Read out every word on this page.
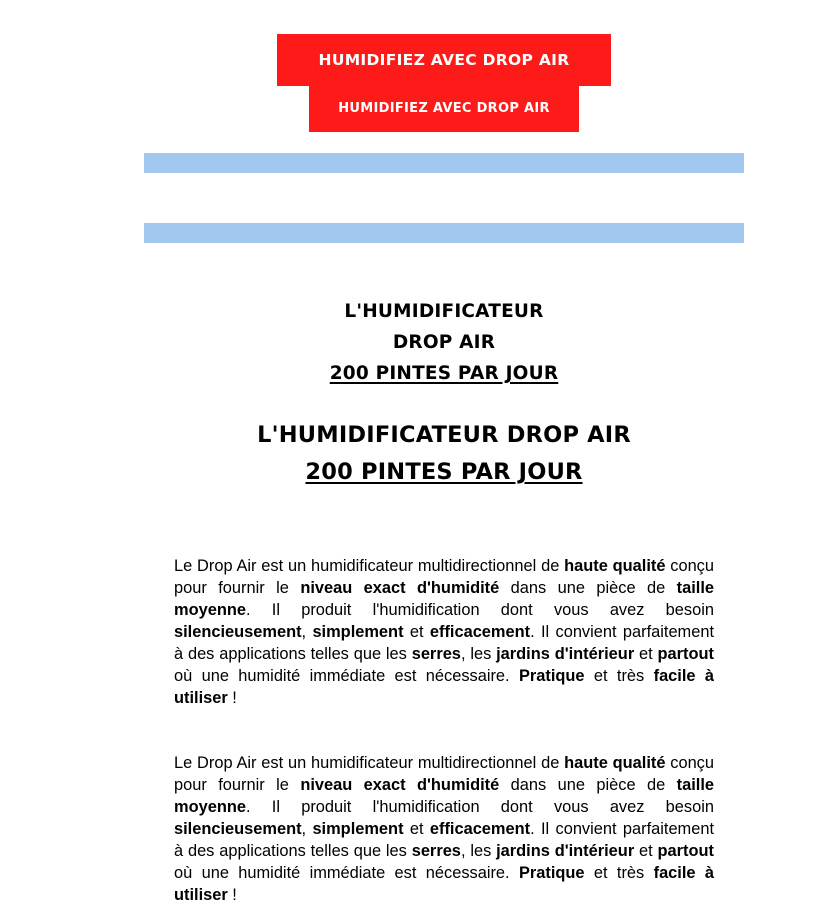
HUMIDIFIEZ AVEC DROP AIR
HUMIDIFIEZ AVEC DROP AIR
L'HUMIDIFICATEUR
DROP AIR
200 PINTES PAR JOUR
L'HUMIDIFICATEUR DROP AIR
200 PINTES PAR JOUR

Le Drop Air est un humidificateur multidirectionnel de haute qualité conçu pour fournir le niveau exact d'humidité dans une pièce de taille moyenne. Il produit l'humidification dont vous avez besoin silencieusement, simplement et efficacement. Il convient parfaitement à des applications telles que les serres, les jardins d'intérieur et partout où une humidité immédiate est nécessaire. Pratique et très facile à utiliser !

Le Drop Air est un humidificateur multidirectionnel de haute qualité conçu pour fournir le niveau exact d'humidité dans une pièce de taille moyenne. Il produit l'humidification dont vous avez besoin silencieusement, simplement et efficacement. Il convient parfaitement à des applications telles que les serres, les jardins d'intérieur et partout où une humidité immédiate est nécessaire. Pratique et très facile à utiliser !
